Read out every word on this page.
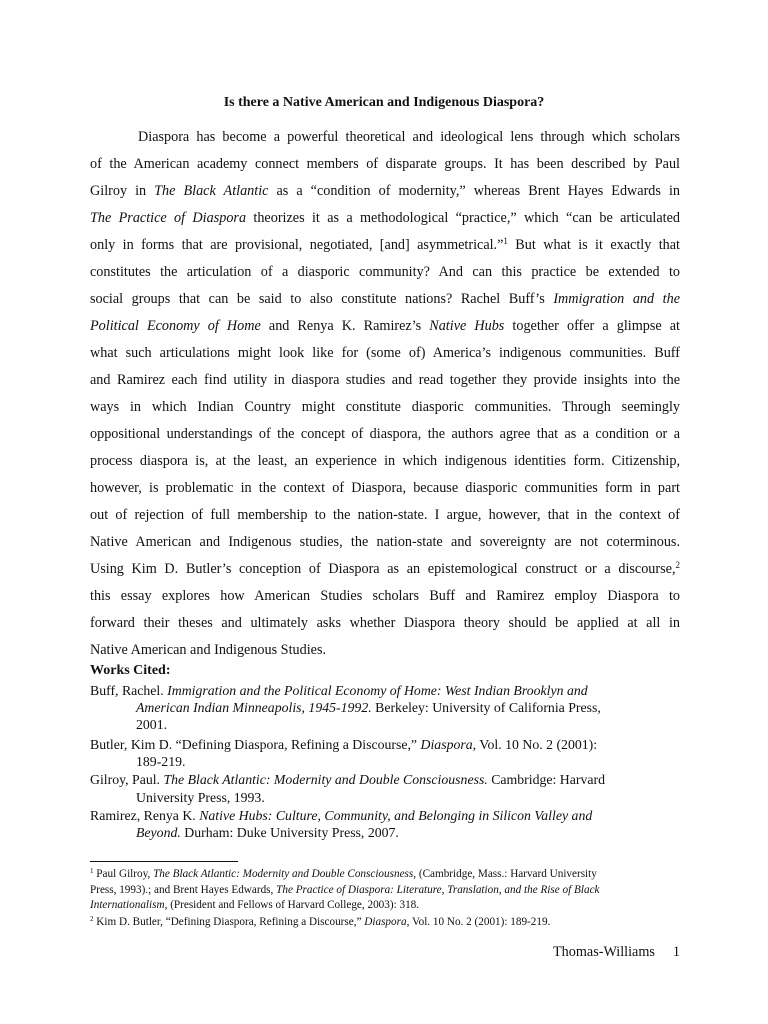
Is there a Native American and Indigenous Diaspora?
Diaspora has become a powerful theoretical and ideological lens through which scholars
of the American academy connect members of disparate groups. It has been described by Paul
Gilroy in The Black Atlantic as a “condition of modernity,” whereas Brent Hayes Edwards in
The Practice of Diaspora theorizes it as a methodological “practice,” which “can be articulated
only in forms that are provisional, negotiated, [and] asymmetrical.”$^1$ But what is it exactly that
constitutes the articulation of a diasporic community? And can this practice be extended to
social groups that can be said to also constitute nations? Rachel Buff’s Immigration and the
Political Economy of Home and Renya K. Ramirez’s Native Hubs together offer a glimpse at
what such articulations might look like for (some of) America’s indigenous communities. Buff
and Ramirez each find utility in diaspora studies and read together they provide insights into the
ways in which Indian Country might constitute diasporic communities. Through seemingly
oppositional understandings of the concept of diaspora, the authors agree that as a condition or a
process diaspora is, at the least, an experience in which indigenous identities form. Citizenship,
however, is problematic in the context of Diaspora, because diasporic communities form in part
out of rejection of full membership to the nation-state. I argue, however, that in the context of
Native American and Indigenous studies, the nation-state and sovereignty are not coterminous.
Using Kim D. Butler’s conception of Diaspora as an epistemological construct or a discourse,$^2$
this essay explores how American Studies scholars Buff and Ramirez employ Diaspora to
forward their theses and ultimately asks whether Diaspora theory should be applied at all in
Native American and Indigenous Studies.
Works Cited:
Buff, Rachel. Immigration and the Political Economy of Home: West Indian Brooklyn and
American Indian Minneapolis, 1945-1992. Berkeley: University of California Press,
2001.
Butler, Kim D. “Defining Diaspora, Refining a Discourse,” Diaspora, Vol. 10 No. 2 (2001):
189-219.
Gilroy, Paul. The Black Atlantic: Modernity and Double Consciousness. Cambridge: Harvard
University Press, 1993.
Ramirez, Renya K. Native Hubs: Culture, Community, and Belonging in Silicon Valley and
Beyond. Durham: Duke University Press, 2007.
$^1$ Paul Gilroy, The Black Atlantic: Modernity and Double Consciousness, (Cambridge, Mass.: Harvard University
Press, 1993).; and Brent Hayes Edwards, The Practice of Diaspora: Literature, Translation, and the Rise of Black
Internationalism, (President and Fellows of Harvard College, 2003): 318.
$^2$ Kim D. Butler, “Defining Diaspora, Refining a Discourse,” Diaspora, Vol. 10 No. 2 (2001): 189-219.
Thomas-Williams 1
